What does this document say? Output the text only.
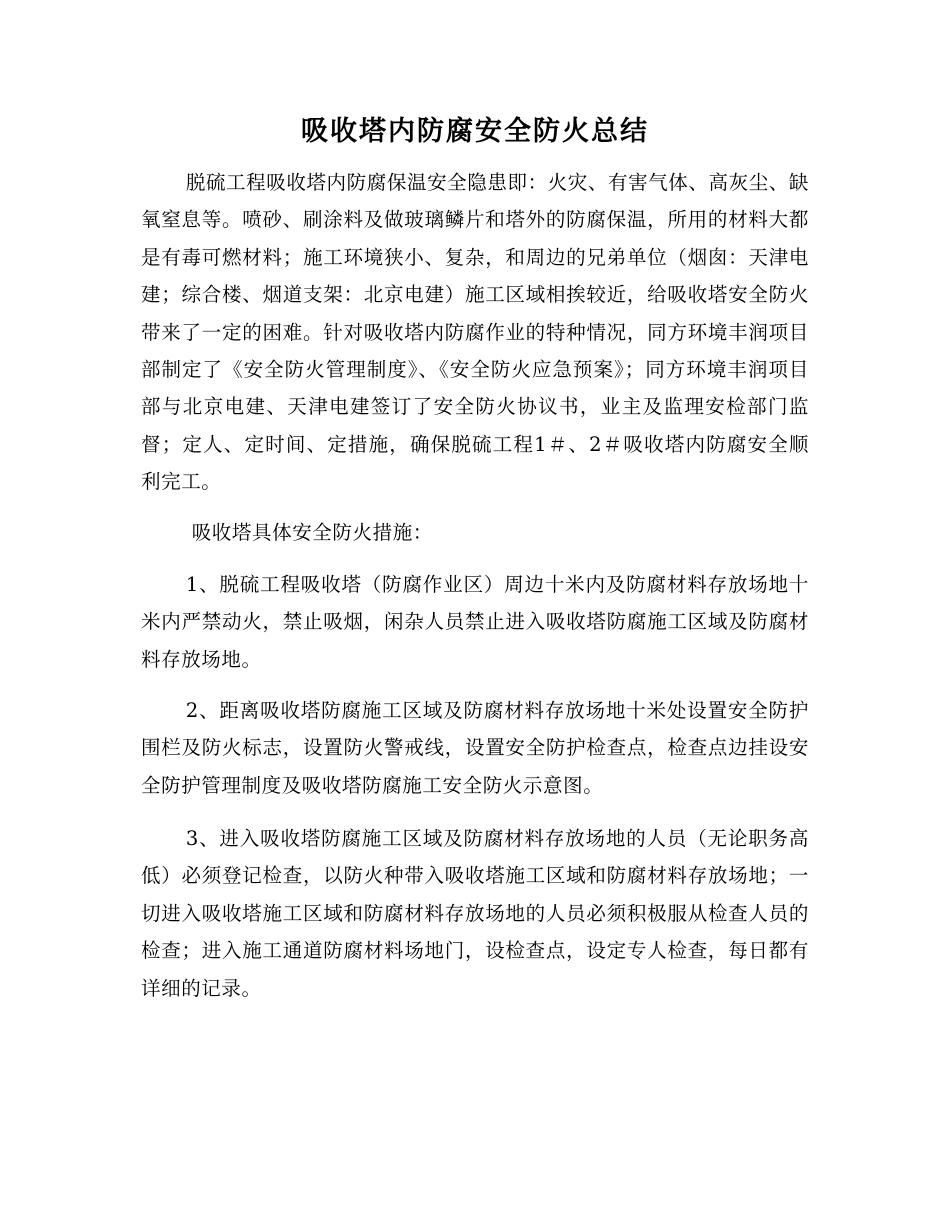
吸收塔内防腐安全防火总结

脱硫工程吸收塔内防腐保温安全隐患即：火灾、有害气体、高灰尘、缺氧窒息等。喷砂、刷涂料及做玻璃鳞片和塔外的防腐保温，所用的材料大都是有毒可燃材料；施工环境狭小、复杂，和周边的兄弟单位（烟囱：天津电建；综合楼、烟道支架：北京电建）施工区域相挨较近，给吸收塔安全防火带来了一定的困难。针对吸收塔内防腐作业的特种情况，同方环境丰润项目部制定了《安全防火管理制度》、《安全防火应急预案》；同方环境丰润项目部与北京电建、天津电建签订了安全防火协议书，业主及监理安检部门监督；定人、定时间、定措施，确保脱硫工程1＃、2＃吸收塔内防腐安全顺利完工。

吸收塔具体安全防火措施：

1、脱硫工程吸收塔（防腐作业区）周边十米内及防腐材料存放场地十米内严禁动火，禁止吸烟，闲杂人员禁止进入吸收塔防腐施工区域及防腐材料存放场地。

2、距离吸收塔防腐施工区域及防腐材料存放场地十米处设置安全防护围栏及防火标志，设置防火警戒线，设置安全防护检查点，检查点边挂设安全防护管理制度及吸收塔防腐施工安全防火示意图。

3、进入吸收塔防腐施工区域及防腐材料存放场地的人员（无论职务高低）必须登记检查，以防火种带入吸收塔施工区域和防腐材料存放场地；一切进入吸收塔施工区域和防腐材料存放场地的人员必须积极服从检查人员的检查；进入施工通道防腐材料场地门，设检查点，设定专人检查，每日都有详细的记录。
